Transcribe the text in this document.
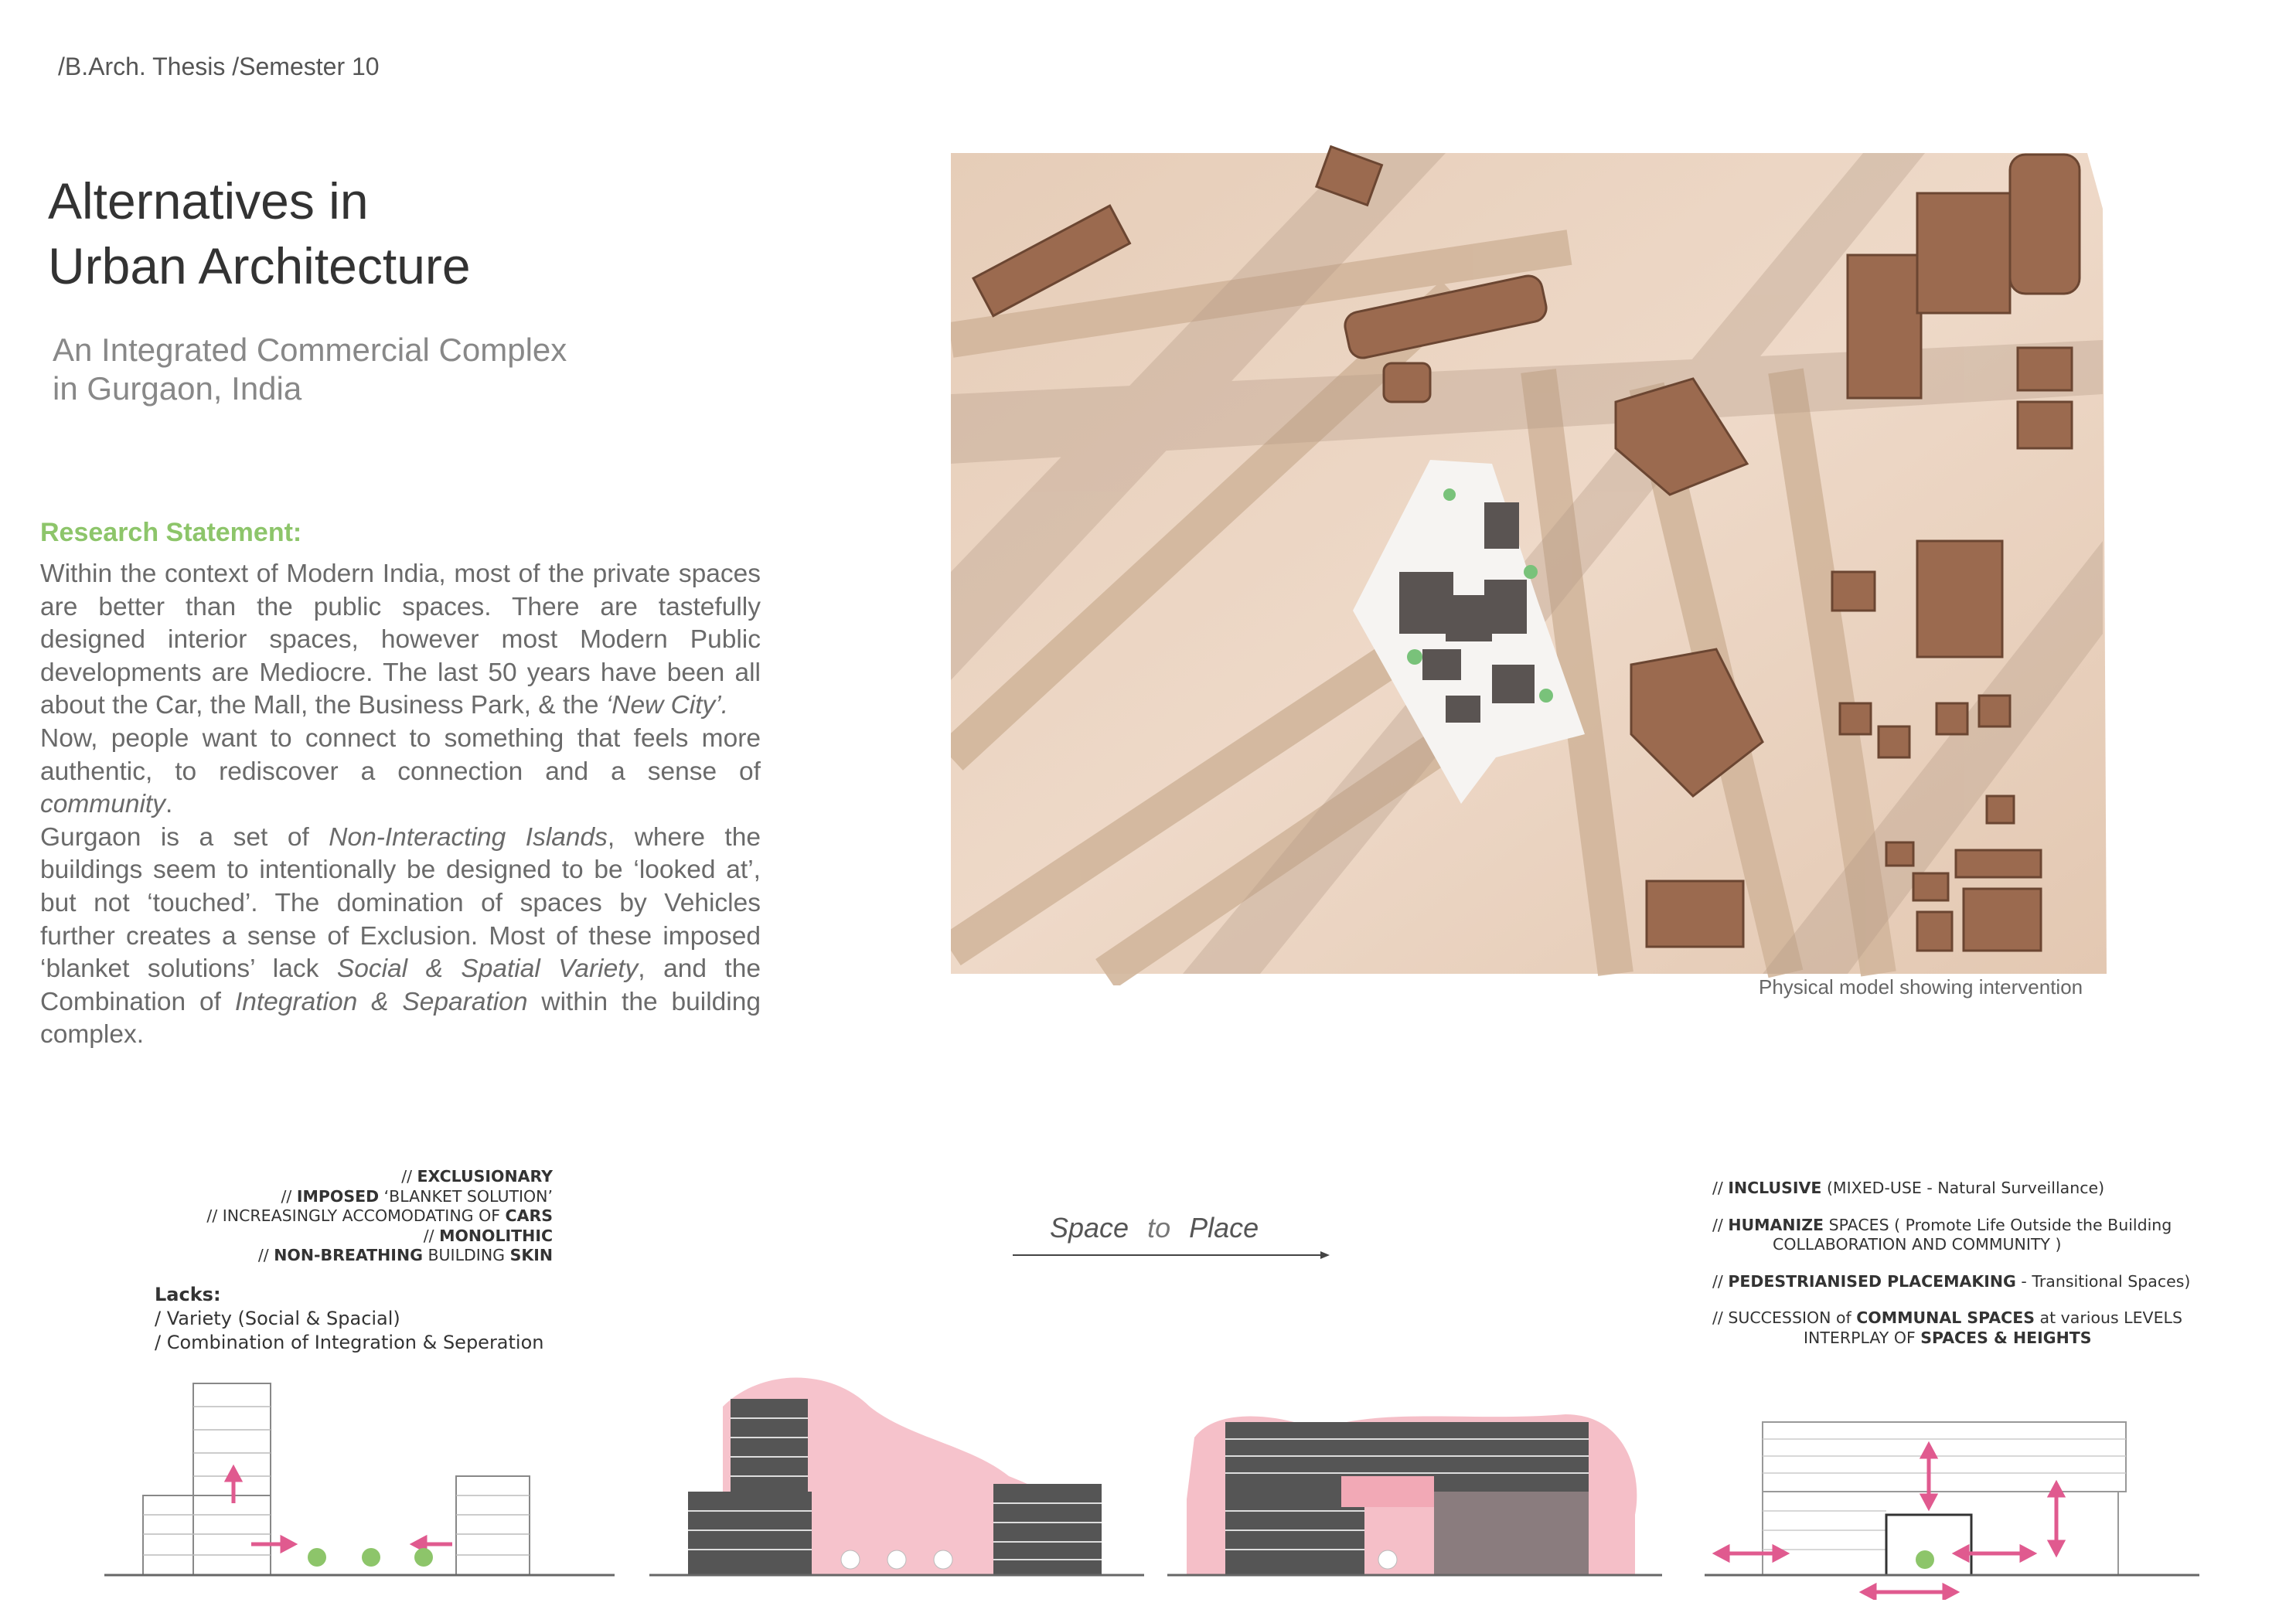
/B.Arch. Thesis /Semester 10
Alternatives in
Urban Architecture
An Integrated Commercial Complex
in Gurgaon, India
Research Statement:

Within the context of Modern India, most of the private spaces are better than the public spaces. There are tastefully designed interior spaces, however most Modern Public developments are Mediocre. The last 50 years have been all about the Car, the Mall, the Business Park, & the ‘New City’.

Now, people want to connect to something that feels more authentic, to rediscover a connection and a sense of community.

Gurgaon is a set of Non-Interacting Islands, where the buildings seem to intentionally be designed to be ‘looked at’, but not ‘touched’. The domination of spaces by Vehicles further creates a sense of Exclusion. Most of these imposed ‘blanket solutions’ lack Social & Spatial Variety, and the Combination of Integration & Separation within the building complex.

Physical model showing intervention
// EXCLUSIONARY
// IMPOSED ‘BLANKET SOLUTION’
// INCREASINGLY ACCOMODATING OF CARS
// MONOLITHIC
// NON-BREATHING BUILDING SKIN
Lacks:
/ Variety (Social & Spacial)
/ Combination of Integration & Seperation
Space to Place
// INCLUSIVE (MIXED-USE - Natural Surveillance)
// HUMANIZE SPACES ( Promote Life Outside the Building
COLLABORATION AND COMMUNITY )
// PEDESTRIANISED PLACEMAKING - Transitional Spaces)
// SUCCESSION of COMMUNAL SPACES at various LEVELS
INTERPLAY OF SPACES & HEIGHTS
